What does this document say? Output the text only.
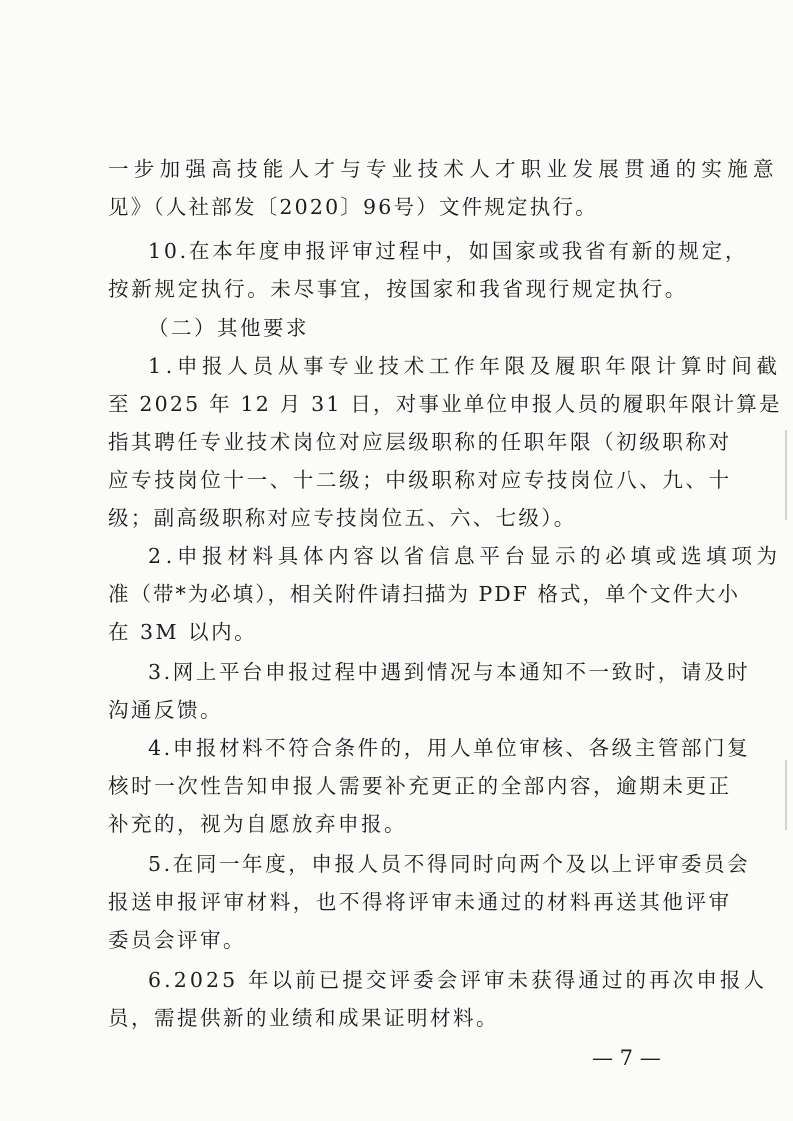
一步加强高技能人才与专业技术人才职业发展贯通的实施意
见》（人社部发〔2020〕96号）文件规定执行。
10.在本年度申报评审过程中，如国家或我省有新的规定，
按新规定执行。未尽事宜，按国家和我省现行规定执行。
（二）其他要求
1.申报人员从事专业技术工作年限及履职年限计算时间截
至 2025 年 12 月 31 日，对事业单位申报人员的履职年限计算是
指其聘任专业技术岗位对应层级职称的任职年限（初级职称对
应专技岗位十一、十二级；中级职称对应专技岗位八、九、十
级；副高级职称对应专技岗位五、六、七级）。
2.申报材料具体内容以省信息平台显示的必填或选填项为
准（带*为必填），相关附件请扫描为 PDF 格式，单个文件大小
在 3M 以内。
3.网上平台申报过程中遇到情况与本通知不一致时，请及时
沟通反馈。
4.申报材料不符合条件的，用人单位审核、各级主管部门复
核时一次性告知申报人需要补充更正的全部内容，逾期未更正
补充的，视为自愿放弃申报。
5.在同一年度，申报人员不得同时向两个及以上评审委员会
报送申报评审材料，也不得将评审未通过的材料再送其他评审
委员会评审。
6.2025 年以前已提交评委会评审未获得通过的再次申报人
员，需提供新的业绩和成果证明材料。
— 7 —
